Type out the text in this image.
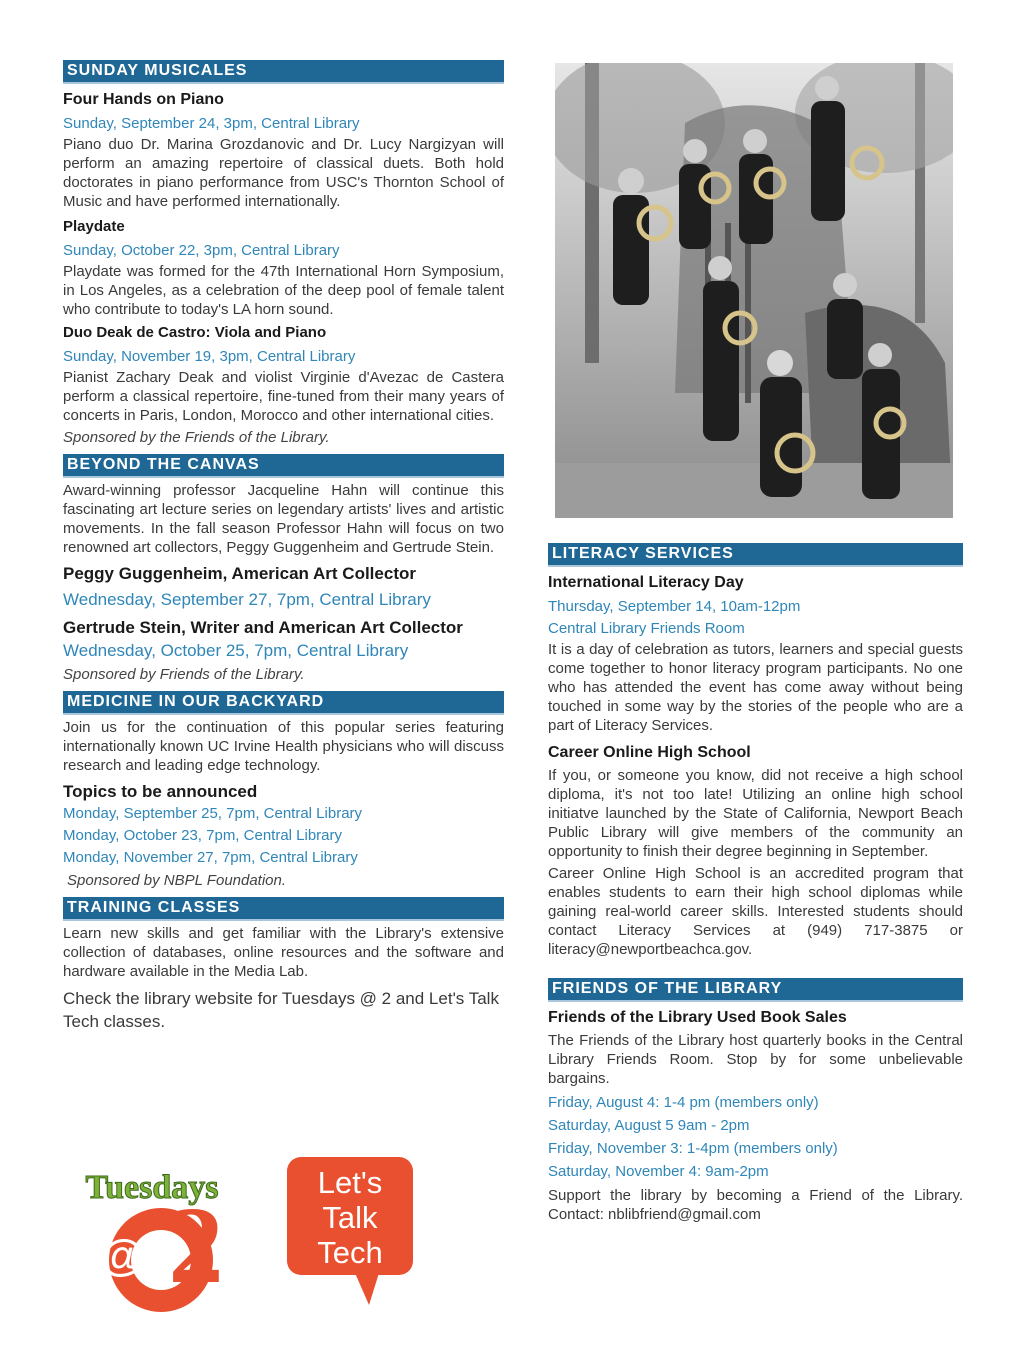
SUNDAY MUSICALES
Four Hands on Piano
Sunday, September 24, 3pm, Central Library

Piano duo Dr. Marina Grozdanovic and Dr. Lucy Nargizyan will perform an amazing repertoire of classical duets. Both hold doctorates in piano performance from USC's Thornton School of Music and have performed internationally.

Playdate
Sunday, October 22, 3pm, Central Library

Playdate was formed for the 47th International Horn Symposium, in Los Angeles, as a celebration of the deep pool of female talent who contribute to today's LA horn sound.

Duo Deak de Castro: Viola and Piano
Sunday, November 19, 3pm, Central Library

Pianist Zachary Deak and violist Virginie d'Avezac de Castera perform a classical repertoire, fine-tuned from their many years of concerts in Paris, London, Morocco and other international cities.

Sponsored by the Friends of the Library.
BEYOND THE CANVAS

Award-winning professor Jacqueline Hahn will continue this fascinating art lecture series on legendary artists' lives and artistic movements. In the fall season Professor Hahn will focus on two renowned art collectors, Peggy Guggenheim and Gertrude Stein.

Peggy Guggenheim, American Art Collector
Wednesday, September 27, 7pm, Central Library
Gertrude Stein, Writer and American Art Collector
Wednesday, October 25, 7pm, Central Library
Sponsored by Friends of the Library.
MEDICINE IN OUR BACKYARD

Join us for the continuation of this popular series featuring internationally known UC Irvine Health physicians who will discuss research and leading edge technology.

Topics to be announced
Monday, September 25, 7pm, Central Library
Monday, October 23, 7pm, Central Library
Monday, November 27, 7pm, Central Library
Sponsored by NBPL Foundation.
TRAINING CLASSES

Learn new skills and get familiar with the Library's extensive collection of databases, online resources and the software and hardware available in the Media Lab.

Check the library website for Tuesdays @ 2 and Let's Talk Tech classes.

LITERACY SERVICES
International Literacy Day
Thursday, September 14, 10am-12pm
Central Library Friends Room

It is a day of celebration as tutors, learners and special guests come together to honor literacy program participants. No one who has attended the event has come away without being touched in some way by the stories of the people who are a part of Literacy Services.

Career Online High School

If you, or someone you know, did not receive a high school diploma, it's not too late! Utilizing an online high school initiatve launched by the State of California, Newport Beach Public Library will give members of the community an opportunity to finish their degree beginning in September.

Career Online High School is an accredited program that enables students to earn their high school diplomas while gaining real-world career skills. Interested students should contact Literacy Services at (949) 717-3875 or literacy@newportbeachca.gov.

FRIENDS OF THE LIBRARY
Friends of the Library Used Book Sales

The Friends of the Library host quarterly books in the Central Library Friends Room. Stop by for some unbelievable bargains.

Friday, August 4: 1-4 pm (members only)
Saturday, August 5 9am - 2pm
Friday, November 3: 1-4pm (members only)
Saturday, November 4: 9am-2pm

Support the library by becoming a Friend of the Library. Contact: nblibfriend@gmail.com

2
@
Tuesdays	Let's
Talk
Tech
